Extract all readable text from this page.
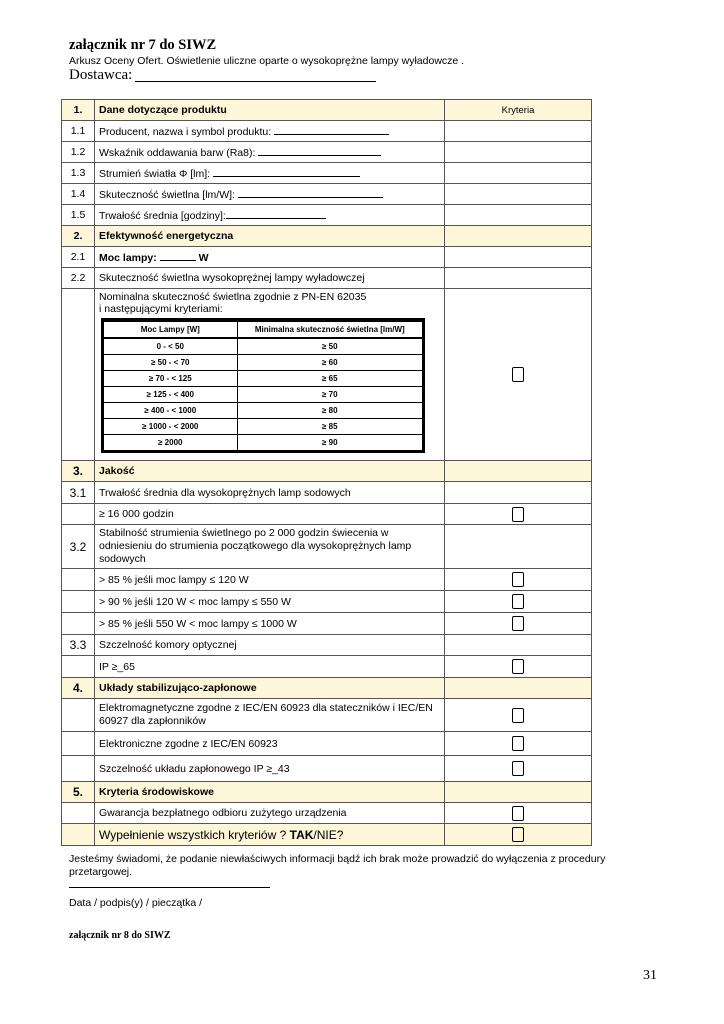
załącznik nr 7 do SIWZ
Arkusz Oceny Ofert. Oświetlenie uliczne oparte o wysokoprężne lampy wyładowcze .
Dostawca:
1.	Dane dotyczące produktu	Kryteria
1.1	Producent, nazwa i symbol produktu:	
1.2	Wskaźnik oddawania barw (Ra8):	
1.3	Strumień światła Φ [lm]:	
1.4	Skuteczność świetlna [lm/W]:	
1.5	Trwałość średnia [godziny]:	
2.	Efektywność energetyczna	
2.1	Moc lampy:	W	
2.2	Skuteczność świetlna wysokoprężnej lampy wyładowczej	

Nominalna skuteczność świetlna zgodnie z PN-EN 62035
i następującymi kryteriami:
Moc Lampy [W]	Minimalna skuteczność świetlna [lm/W]
0 - < 50	≥ 50
≥ 50 - < 70	≥ 60
≥ 70 - < 125	≥ 65
≥ 125 - < 400	≥ 70
≥ 400 - < 1000	≥ 80
≥ 1000 - < 2000	≥ 85
≥ 2000	≥ 90

3.	Jakość	
3.1	Trwałość średnia dla wysokoprężnych lamp sodowych	
	≥ 16 000 godzin	
3.2	Stabilność strumienia świetlnego po 2 000 godzin świecenia w odniesieniu do strumienia początkowego dla wysokoprężnych lamp sodowych	
	> 85 % jeśli moc lampy ≤ 120 W	
	> 90 % jeśli 120 W < moc lampy ≤ 550 W	
	> 85 % jeśli 550 W < moc lampy ≤ 1000 W	
3.3	Szczelność komory optycznej	
	IP ≥_65	
4.	Układy stabilizująco-zapłonowe	
	Elektromagnetyczne zgodne z IEC/EN 60923 dla stateczników i IEC/EN 60927 dla zapłonników	
	Elektroniczne zgodne z IEC/EN 60923	
	Szczelność układu zapłonowego IP ≥_43	
5.	Kryteria środowiskowe	
	Gwarancja bezpłatnego odbioru zużytego urządzenia	
	Wypełnienie wszystkich kryteriów ? TAK/NIE?	
Jesteśmy świadomi, że podanie niewłaściwych informacji bądź ich brak może prowadzić do wyłączenia z procedury przetargowej.
Data / podpis(y) / pieczątka /
załącznik nr 8 do SIWZ
31
